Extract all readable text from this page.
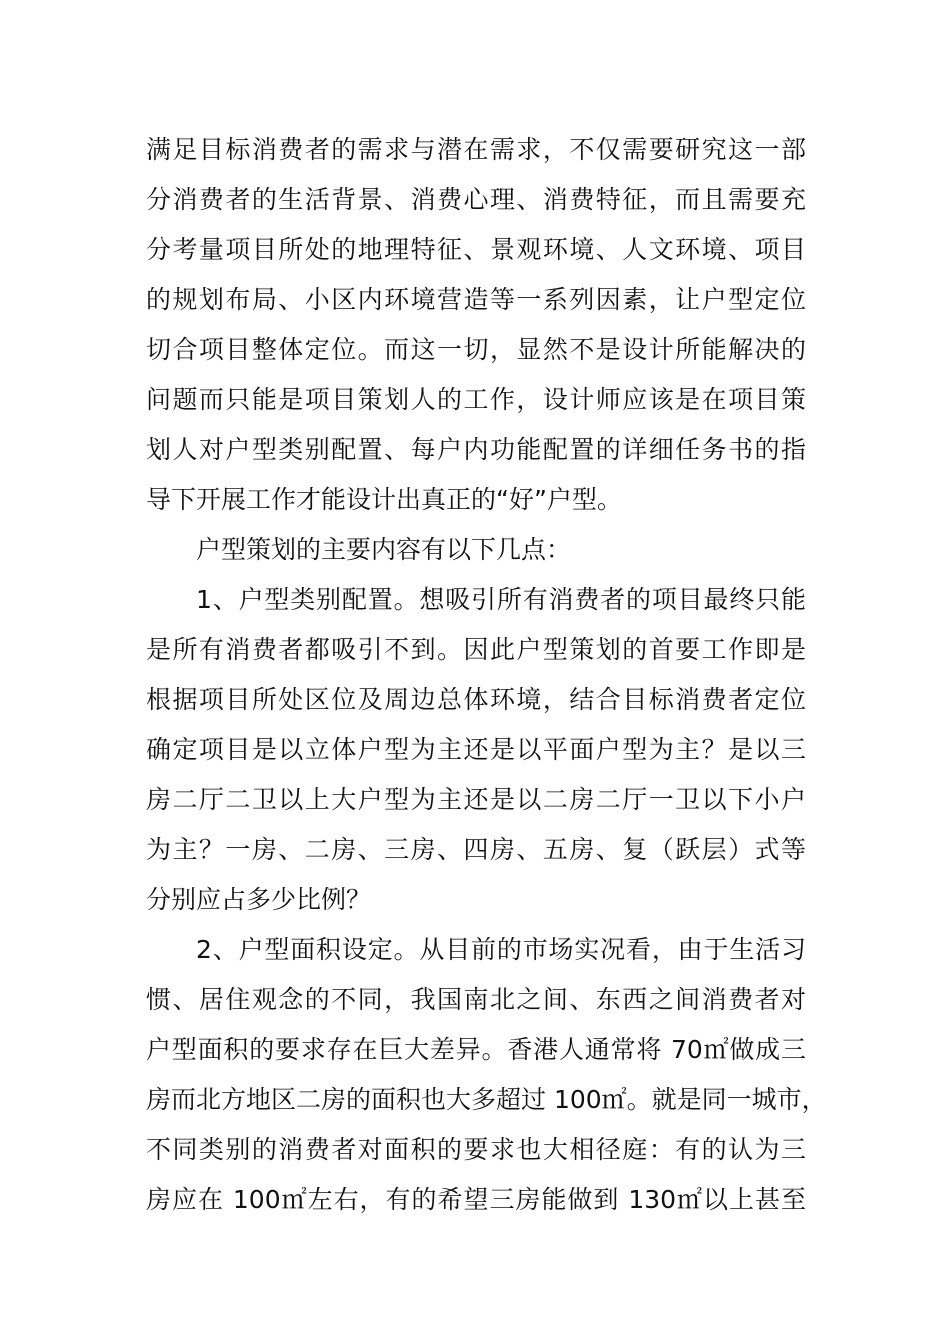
满足目标消费者的需求与潜在需求，不仅需要研究这一部
分消费者的生活背景、消费心理、消费特征，而且需要充
分考量项目所处的地理特征、景观环境、人文环境、项目
的规划布局、小区内环境营造等一系列因素，让户型定位
切合项目整体定位。而这一切，显然不是设计所能解决的
问题而只能是项目策划人的工作，设计师应该是在项目策
划人对户型类别配置、每户内功能配置的详细任务书的指
导下开展工作才能设计出真正的“好”户型。
户型策划的主要内容有以下几点：
1、户型类别配置。想吸引所有消费者的项目最终只能
是所有消费者都吸引不到。因此户型策划的首要工作即是
根据项目所处区位及周边总体环境，结合目标消费者定位
确定项目是以立体户型为主还是以平面户型为主？是以三
房二厅二卫以上大户型为主还是以二房二厅一卫以下小户
为主？一房、二房、三房、四房、五房、复（跃层）式等
分别应占多少比例？
2、户型面积设定。从目前的市场实况看，由于生活习
惯、居住观念的不同，我国南北之间、东西之间消费者对
户型面积的要求存在巨大差异。香港人通常将 70㎡做成三
房而北方地区二房的面积也大多超过 100㎡。就是同一城市，
不同类别的消费者对面积的要求也大相径庭：有的认为三
房应在 100㎡左右，有的希望三房能做到 130㎡以上甚至
